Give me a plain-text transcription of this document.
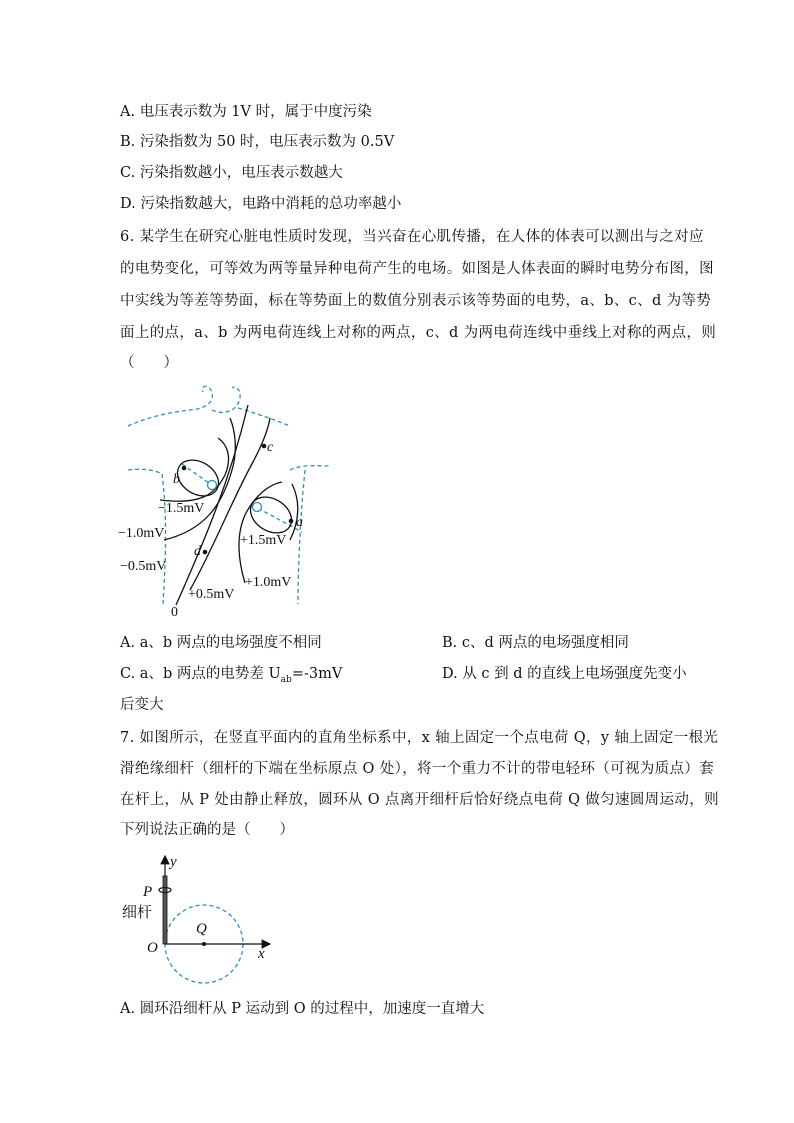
A. 电压表示数为 1V 时，属于中度污染
B. 污染指数为 50 时，电压表示数为 0.5V
C. 污染指数越小，电压表示数越大
D. 污染指数越大，电路中消耗的总功率越小
6. 某学生在研究心脏电性质时发现，当兴奋在心肌传播，在人体的体表可以测出与之对应
的电势变化，可等效为两等量异种电荷产生的电场。如图是人体表面的瞬时电势分布图，图
中实线为等差等势面，标在等势面上的数值分别表示该等势面的电势，a、b、c、d 为等势
面上的点，a、b 为两电荷连线上对称的两点，c、d 为两电荷连线中垂线上对称的两点，则
（　　）
c
b
a
d
−1.5mV
−1.0mV
−0.5mV
+1.5mV
+1.0mV
+0.5mV
0
A. a、b 两点的电场强度不相同	B. c、d 两点的电场强度相同
C. a、b 两点的电势差 $U_{ab}=-3mV$	D. 从 c 到 d 的直线上电场强度先变小
后变大
7. 如图所示，在竖直平面内的直角坐标系中，x 轴上固定一个点电荷 Q，y 轴上固定一根光
滑绝缘细杆（细杆的下端在坐标原点 O 处），将一个重力不计的带电轻环（可视为质点）套
在杆上，从 P 处由静止释放，圆环从 O 点离开细杆后恰好绕点电荷 Q 做匀速圆周运动，则
下列说法正确的是（　　）
y
P
细杆
Q
O	x
A. 圆环沿细杆从 P 运动到 O 的过程中，加速度一直增大
